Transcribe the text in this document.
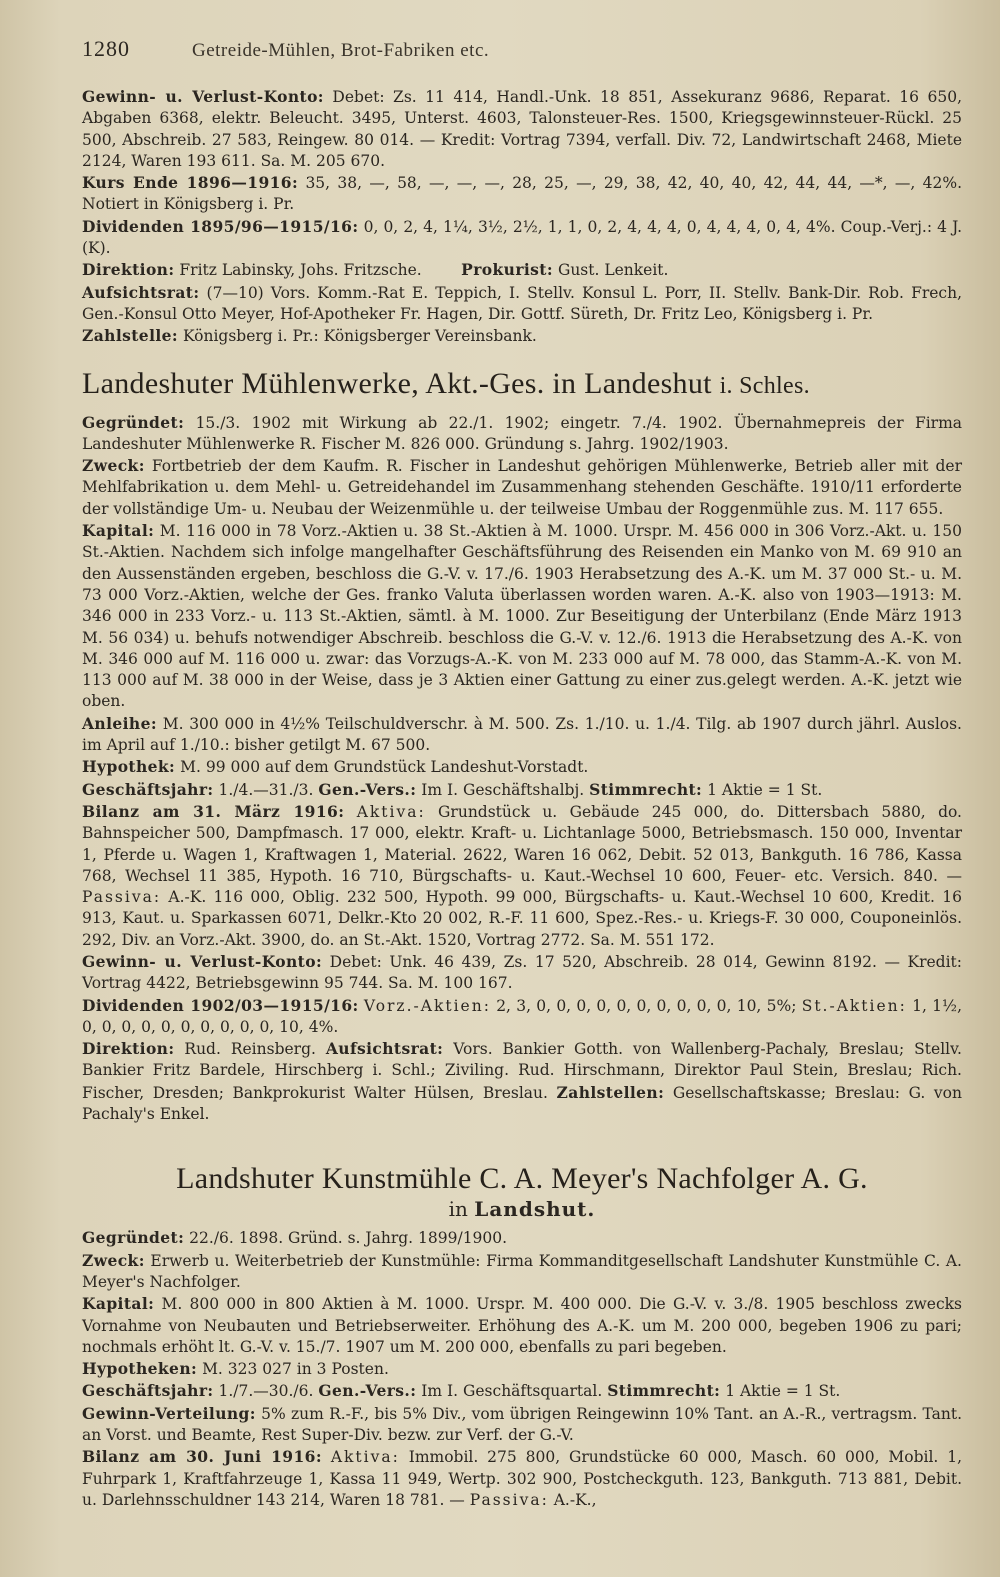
1280	Getreide-Mühlen, Brot-Fabriken etc.

Gewinn- u. Verlust-Konto: Debet: Zs. 11 414, Handl.-Unk. 18 851, Assekuranz 9686, Reparat. 16 650, Abgaben 6368, elektr. Beleucht. 3495, Unterst. 4603, Talonsteuer-Res. 1500, Kriegsgewinnsteuer-Rückl. 25 500, Abschreib. 27 583, Reingew. 80 014. — Kredit: Vortrag 7394, verfall. Div. 72, Landwirtschaft 2468, Miete 2124, Waren 193 611. Sa. M. 205 670.

Kurs Ende 1896—1916: 35, 38, —, 58, —, —, —, 28, 25, —, 29, 38, 42, 40, 40, 42, 44, 44, —*, —, 42%. Notiert in Königsberg i. Pr.

Dividenden 1895/96—1915/16: 0, 0, 2, 4, 1¼, 3½, 2½, 1, 1, 0, 2, 4, 4, 4, 0, 4, 4, 4, 0, 4, 4%. Coup.-Verj.: 4 J. (K).

Direktion: Fritz Labinsky, Johs. Fritzsche.	Prokurist: Gust. Lenkeit.

Aufsichtsrat: (7—10) Vors. Komm.-Rat E. Teppich, I. Stellv. Konsul L. Porr, II. Stellv. Bank-Dir. Rob. Frech, Gen.-Konsul Otto Meyer, Hof-Apotheker Fr. Hagen, Dir. Gottf. Süreth, Dr. Fritz Leo, Königsberg i. Pr.

Zahlstelle: Königsberg i. Pr.: Königsberger Vereinsbank.

Landeshuter Mühlenwerke, Akt.-Ges. in Landeshut i. Schles.

Gegründet: 15./3. 1902 mit Wirkung ab 22./1. 1902; eingetr. 7./4. 1902. Übernahmepreis der Firma Landeshuter Mühlenwerke R. Fischer M. 826 000. Gründung s. Jahrg. 1902/1903.

Zweck: Fortbetrieb der dem Kaufm. R. Fischer in Landeshut gehörigen Mühlenwerke, Betrieb aller mit der Mehlfabrikation u. dem Mehl- u. Getreidehandel im Zusammenhang stehenden Geschäfte. 1910/11 erforderte der vollständige Um- u. Neubau der Weizenmühle u. der teilweise Umbau der Roggenmühle zus. M. 117 655.

Kapital: M. 116 000 in 78 Vorz.-Aktien u. 38 St.-Aktien à M. 1000. Urspr. M. 456 000 in 306 Vorz.-Akt. u. 150 St.-Aktien. Nachdem sich infolge mangelhafter Geschäftsführung des Reisenden ein Manko von M. 69 910 an den Aussenständen ergeben, beschloss die G.-V. v. 17./6. 1903 Herabsetzung des A.-K. um M. 37 000 St.- u. M. 73 000 Vorz.-Aktien, welche der Ges. franko Valuta überlassen worden waren. A.-K. also von 1903—1913: M. 346 000 in 233 Vorz.- u. 113 St.-Aktien, sämtl. à M. 1000. Zur Beseitigung der Unterbilanz (Ende März 1913 M. 56 034) u. behufs notwendiger Abschreib. beschloss die G.-V. v. 12./6. 1913 die Herabsetzung des A.-K. von M. 346 000 auf M. 116 000 u. zwar: das Vorzugs-A.-K. von M. 233 000 auf M. 78 000, das Stamm-A.-K. von M. 113 000 auf M. 38 000 in der Weise, dass je 3 Aktien einer Gattung zu einer zus.gelegt werden. A.-K. jetzt wie oben.

Anleihe: M. 300 000 in 4½% Teilschuldverschr. à M. 500. Zs. 1./10. u. 1./4. Tilg. ab 1907 durch jährl. Auslos. im April auf 1./10.: bisher getilgt M. 67 500.

Hypothek: M. 99 000 auf dem Grundstück Landeshut-Vorstadt.

Geschäftsjahr: 1./4.—31./3. Gen.-Vers.: Im I. Geschäftshalbj. Stimmrecht: 1 Aktie = 1 St.

Bilanz am 31. März 1916: Aktiva: Grundstück u. Gebäude 245 000, do. Dittersbach 5880, do. Bahnspeicher 500, Dampfmasch. 17 000, elektr. Kraft- u. Lichtanlage 5000, Betriebsmasch. 150 000, Inventar 1, Pferde u. Wagen 1, Kraftwagen 1, Material. 2622, Waren 16 062, Debit. 52 013, Bankguth. 16 786, Kassa 768, Wechsel 11 385, Hypoth. 16 710, Bürgschafts- u. Kaut.-Wechsel 10 600, Feuer- etc. Versich. 840. — Passiva: A.-K. 116 000, Oblig. 232 500, Hypoth. 99 000, Bürgschafts- u. Kaut.-Wechsel 10 600, Kredit. 16 913, Kaut. u. Sparkassen 6071, Delkr.-Kto 20 002, R.-F. 11 600, Spez.-Res.- u. Kriegs-F. 30 000, Couponeinlös. 292, Div. an Vorz.-Akt. 3900, do. an St.-Akt. 1520, Vortrag 2772. Sa. M. 551 172.

Gewinn- u. Verlust-Konto: Debet: Unk. 46 439, Zs. 17 520, Abschreib. 28 014, Gewinn 8192. — Kredit: Vortrag 4422, Betriebsgewinn 95 744. Sa. M. 100 167.

Dividenden 1902/03—1915/16: Vorz.-Aktien: 2, 3, 0, 0, 0, 0, 0, 0, 0, 0, 0, 0, 10, 5%; St.-Aktien: 1, 1½, 0, 0, 0, 0, 0, 0, 0, 0, 0, 0, 10, 4%.

Direktion: Rud. Reinsberg. Aufsichtsrat: Vors. Bankier Gotth. von Wallenberg-Pachaly, Breslau; Stellv. Bankier Fritz Bardele, Hirschberg i. Schl.; Ziviling. Rud. Hirschmann, Direktor Paul Stein, Breslau; Rich. Fischer, Dresden; Bankprokurist Walter Hülsen, Breslau. Zahlstellen: Gesellschaftskasse; Breslau: G. von Pachaly's Enkel.

Landshuter Kunstmühle C. A. Meyer's Nachfolger A. G.
in Landshut.

Gegründet: 22./6. 1898. Gründ. s. Jahrg. 1899/1900.

Zweck: Erwerb u. Weiterbetrieb der Kunstmühle: Firma Kommanditgesellschaft Landshuter Kunstmühle C. A. Meyer's Nachfolger.

Kapital: M. 800 000 in 800 Aktien à M. 1000. Urspr. M. 400 000. Die G.-V. v. 3./8. 1905 beschloss zwecks Vornahme von Neubauten und Betriebserweiter. Erhöhung des A.-K. um M. 200 000, begeben 1906 zu pari; nochmals erhöht lt. G.-V. v. 15./7. 1907 um M. 200 000, ebenfalls zu pari begeben.

Hypotheken: M. 323 027 in 3 Posten.

Geschäftsjahr: 1./7.—30./6. Gen.-Vers.: Im I. Geschäftsquartal. Stimmrecht: 1 Aktie = 1 St.

Gewinn-Verteilung: 5% zum R.-F., bis 5% Div., vom übrigen Reingewinn 10% Tant. an A.-R., vertragsm. Tant. an Vorst. und Beamte, Rest Super-Div. bezw. zur Verf. der G.-V.

Bilanz am 30. Juni 1916: Aktiva: Immobil. 275 800, Grundstücke 60 000, Masch. 60 000, Mobil. 1, Fuhrpark 1, Kraftfahrzeuge 1, Kassa 11 949, Wertp. 302 900, Postcheckguth. 123, Bankguth. 713 881, Debit. u. Darlehnsschuldner 143 214, Waren 18 781. — Passiva: A.-K.,
